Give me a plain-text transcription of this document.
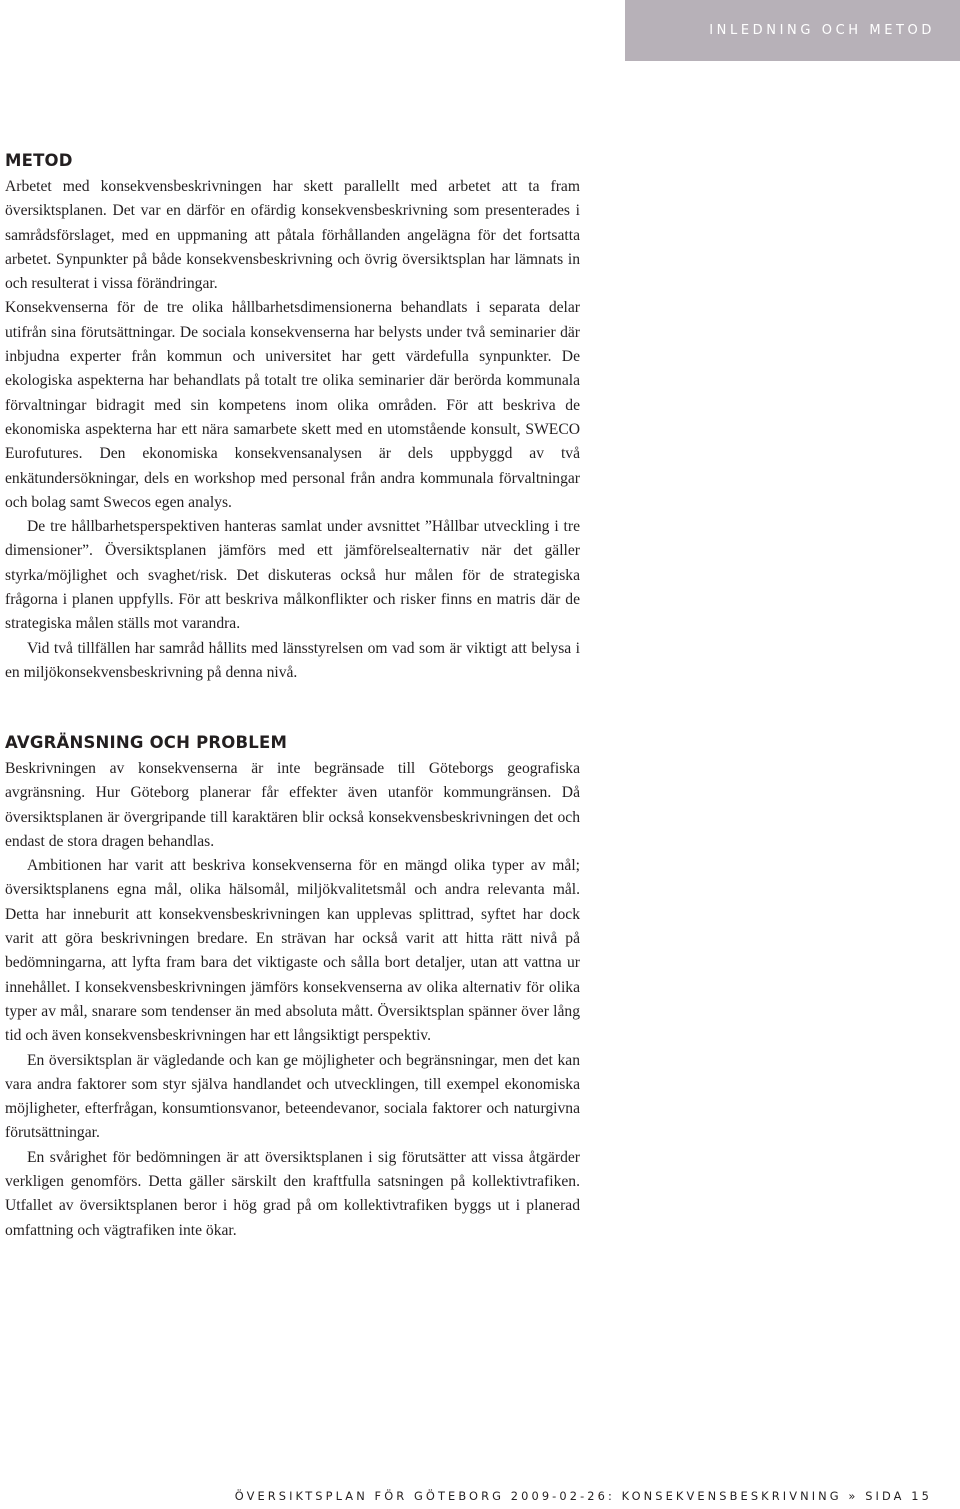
INLEDNING OCH METOD
METOD

Arbetet med konsekvensbeskrivningen har skett parallellt med arbetet att ta fram översiktsplanen. Det var en därför en ofärdig konsekvensbeskrivning som presenterades i samrådsförslaget, med en uppmaning att påtala förhållanden angelägna för det fortsatta arbetet. Synpunkter på både konsekvensbeskrivning och övrig översiktsplan har lämnats in och resulterat i vissa förändringar.

Konsekvenserna för de tre olika hållbarhetsdimensionerna behandlats i separata delar utifrån sina förutsättningar. De sociala konsekvenserna har belysts under två seminarier där inbjudna experter från kommun och universitet har gett värdefulla synpunkter. De ekologiska aspekterna har behandlats på totalt tre olika seminarier där berörda kommunala förvaltningar bidragit med sin kompetens inom olika områden. För att beskriva de ekonomiska aspekterna har ett nära samarbete skett med en utomstående konsult, SWECO Eurofutures. Den ekonomiska konsekvensanalysen är dels uppbyggd av två enkätundersökningar, dels en workshop med personal från andra kommunala förvaltningar och bolag samt Swecos egen analys.

De tre hållbarhetsperspektiven hanteras samlat under avsnittet ”Hållbar utveckling i tre dimensioner”. Översiktsplanen jämförs med ett jämförelsealternativ när det gäller styrka/möjlighet och svaghet/risk. Det diskuteras också hur målen för de strategiska frågorna i planen uppfylls. För att beskriva målkonflikter och risker finns en matris där de strategiska målen ställs mot varandra.

Vid två tillfällen har samråd hållits med länsstyrelsen om vad som är viktigt att belysa i en miljökonsekvensbeskrivning på denna nivå.

AVGRÄNSNING OCH PROBLEM

Beskrivningen av konsekvenserna är inte begränsade till Göteborgs geografiska avgränsning. Hur Göteborg planerar får effekter även utanför kommungränsen. Då översiktsplanen är övergripande till karaktären blir också konsekvensbeskrivningen det och endast de stora dragen behandlas.

Ambitionen har varit att beskriva konsekvenserna för en mängd olika typer av mål; översiktsplanens egna mål, olika hälsomål, miljökvalitetsmål och andra relevanta mål. Detta har inneburit att konsekvensbeskrivningen kan upplevas splittrad, syftet har dock varit att göra beskrivningen bredare. En strävan har också varit att hitta rätt nivå på bedömningarna, att lyfta fram bara det viktigaste och sålla bort detaljer, utan att vattna ur innehållet. I konsekvensbeskrivningen jämförs konsekvenserna av olika alternativ för olika typer av mål, snarare som tendenser än med absoluta mått. Översiktsplan spänner över lång tid och även konsekvensbeskrivningen har ett långsiktigt perspektiv.

En översiktsplan är vägledande och kan ge möjligheter och begränsningar, men det kan vara andra faktorer som styr själva handlandet och utvecklingen, till exempel ekonomiska möjligheter, efterfrågan, konsumtionsvanor, beteendevanor, sociala faktorer och naturgivna förutsättningar.

En svårighet för bedömningen är att översiktsplanen i sig förutsätter att vissa åtgärder verkligen genomförs. Detta gäller särskilt den kraftfulla satsningen på kollektivtrafiken. Utfallet av översiktsplanen beror i hög grad på om kollektivtrafiken byggs ut i planerad omfattning och vägtrafiken inte ökar.

ÖVERSIKTSPLAN FÖR GÖTEBORG 2009-02-26: KONSEKVENSBESKRIVNING » SIDA 15
